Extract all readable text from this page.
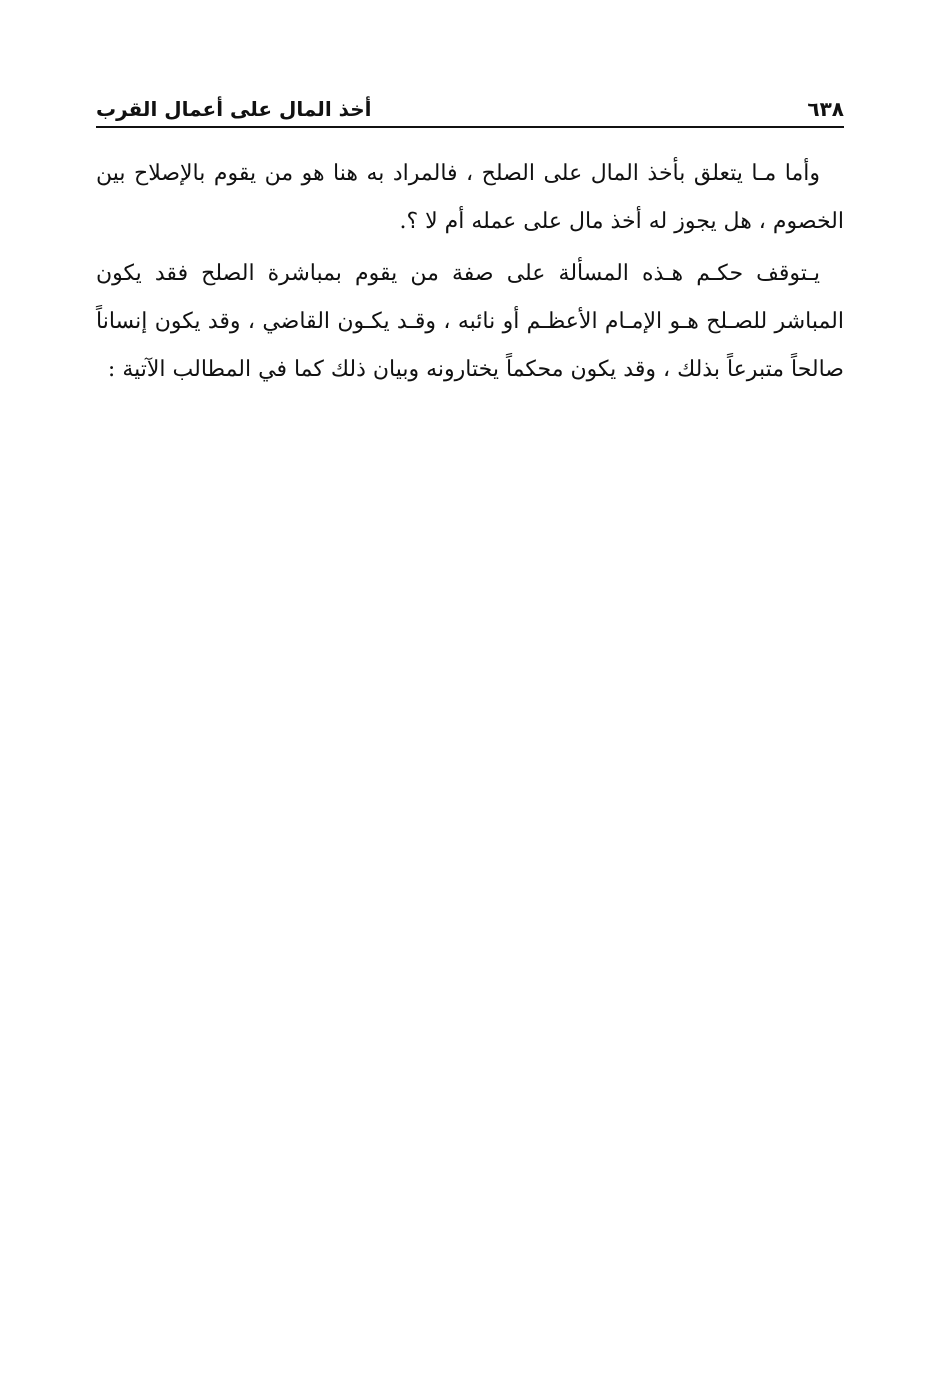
٦٣٨
أخذ المال على أعمال القرب

وأما مـا يتعلق بأخذ المال على الصلح ، فالمراد به هنا هو من يقوم بالإصلاح بين الخصوم ، هل يجوز له أخذ مال على عمله أم لا ؟.

يـتوقف حكـم هـذه المسألة على صفة من يقوم بمباشرة الصلح فقد يكون المباشر للصـلح هـو الإمـام الأعظـم أو نائبه ، وقـد يكـون القاضي ، وقد يكون إنساناً صالحاً متبرعاً بذلك ، وقد يكون محكماً يختارونه وبيان ذلك كما في المطالب الآتية :
